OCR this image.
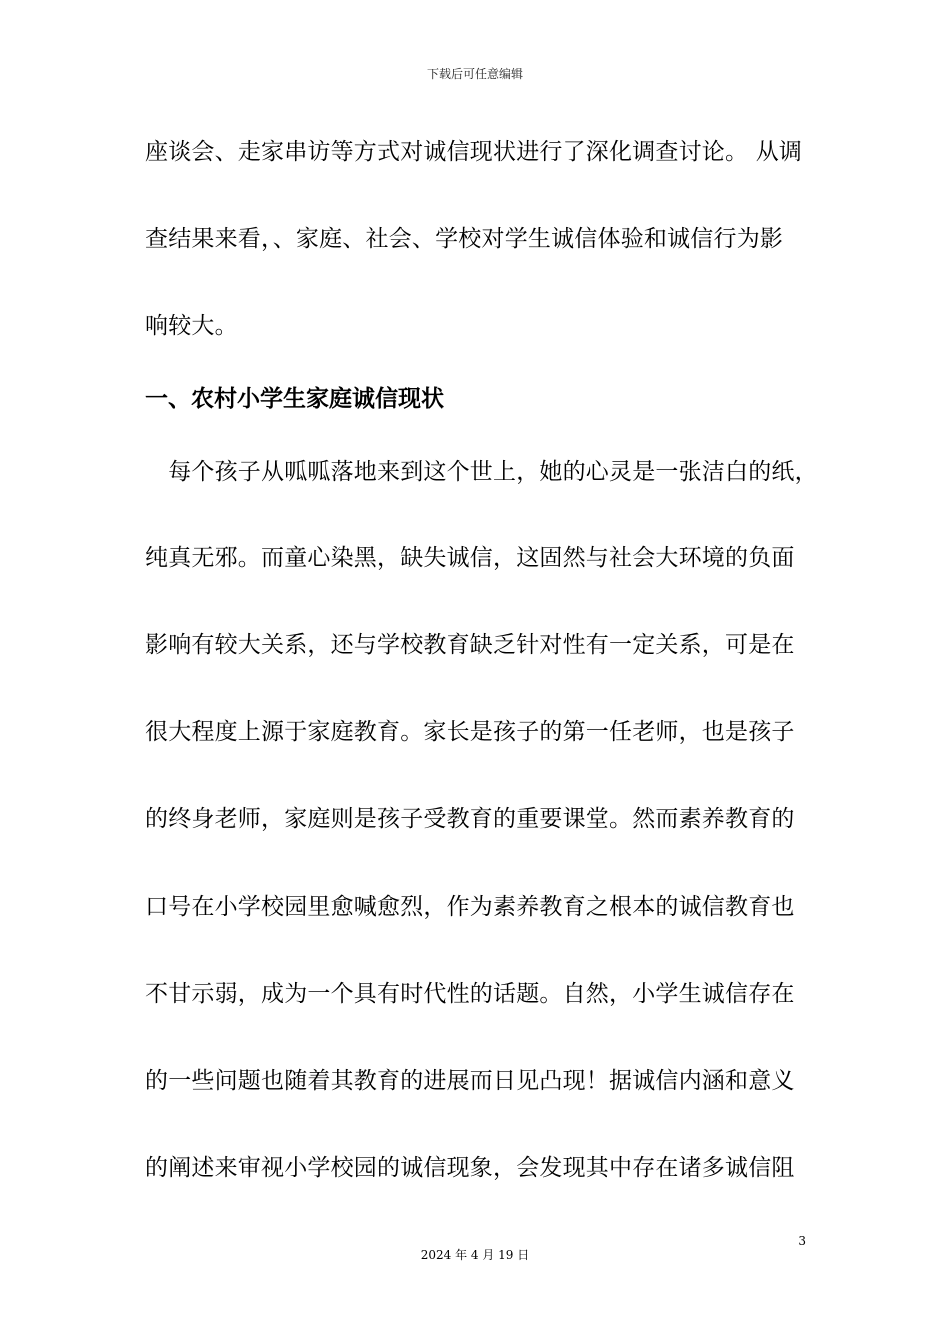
下载后可任意编辑
座谈会、走家串访等方式对诚信现状进行了深化调查讨论。 从调
查结果来看，、家庭、社会、学校对学生诚信体验和诚信行为影
响较大。
一、农村小学生家庭诚信现状
　每个孩子从呱呱落地来到这个世上，她的心灵是一张洁白的纸，
纯真无邪。而童心染黑，缺失诚信，这固然与社会大环境的负面
影响有较大关系，还与学校教育缺乏针对性有一定关系，可是在
很大程度上源于家庭教育。家长是孩子的第一任老师，也是孩子
的终身老师，家庭则是孩子受教育的重要课堂。然而素养教育的
口号在小学校园里愈喊愈烈，作为素养教育之根本的诚信教育也
不甘示弱，成为一个具有时代性的话题。自然，小学生诚信存在
的一些问题也随着其教育的进展而日见凸现！据诚信内涵和意义
的阐述来审视小学校园的诚信现象，会发现其中存在诸多诚信阻
3
2024 年 4 月 19 日
